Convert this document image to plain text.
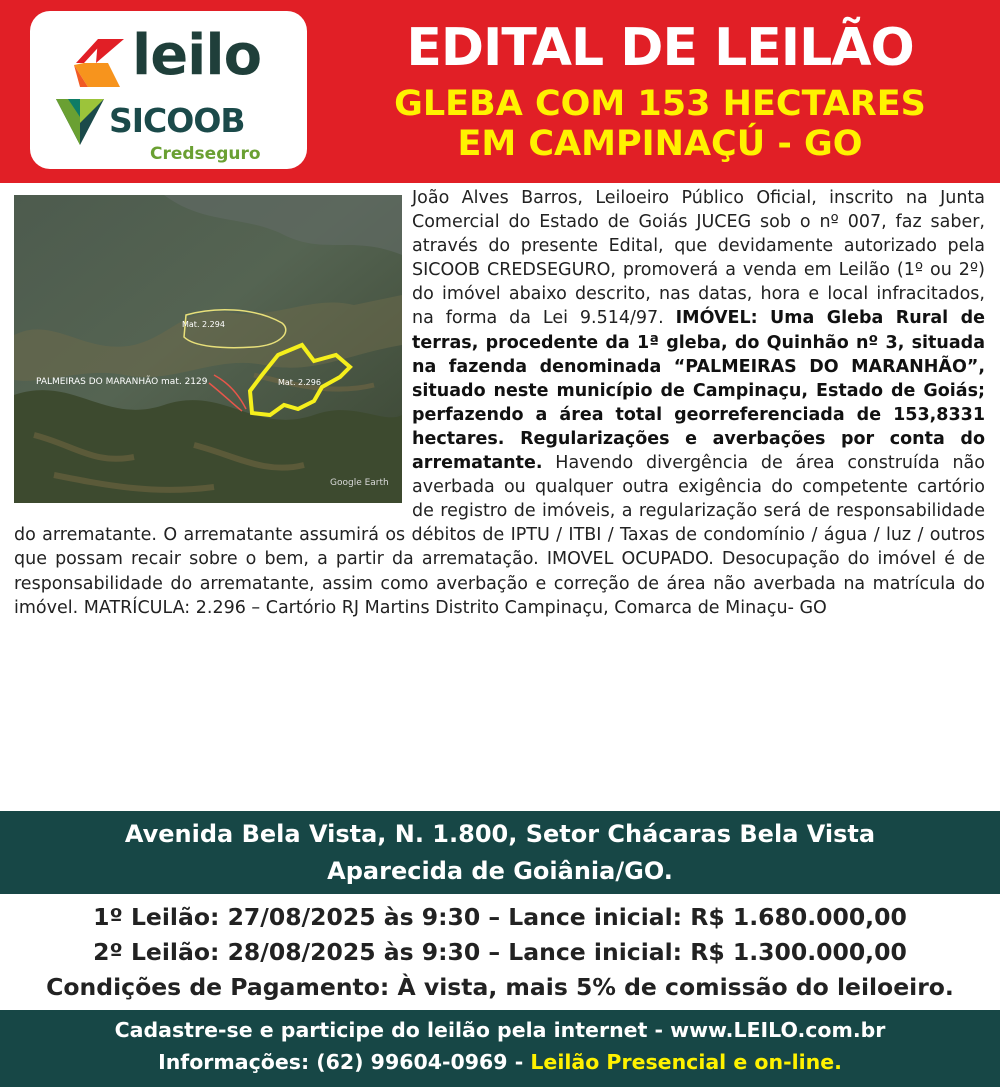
leilo
SICOOB
Credseguro
EDITAL DE LEILÃO
GLEBA COM 153 HECTARES
EM CAMPINAÇÚ - GO

João Alves Barros, Leiloeiro Público Oficial, inscrito na Junta Comercial do Estado de Goiás JUCEG sob o nº 007, faz saber, através do presente Edital, que devidamente autorizado pela SICOOB CREDSEGURO, promoverá a venda em Leilão (1º ou 2º) do imóvel abaixo descrito, nas datas, hora e local infracitados, na forma da Lei 9.514/97. IMÓVEL: Uma Gleba Rural de terras, procedente da 1ª gleba, do Quinhão nº 3, situada na fazenda denominada “PALMEIRAS DO MARANHÃO”, situado neste município de Campinaçu, Estado de Goiás; perfazendo a área total georreferenciada de 153,8331 hectares. Regularizações e averbações por conta do arrematante. Havendo divergência de área construída não averbada ou qualquer outra exigência do competente cartório de registro de imóveis, a regularização será de responsabilidade do arrematante. O arrematante assumirá os débitos de IPTU / ITBI / Taxas de condomínio / água / luz / outros que possam recair sobre o bem, a partir da arrematação. IMOVEL OCUPADO. Desocupação do imóvel é de responsabilidade do arrematante, assim como averbação e correção de área não averbada na matrícula do imóvel. MATRÍCULA: 2.296 – Cartório RJ Martins Distrito Campinaçu, Comarca de Minaçu- GO

Mat. 2.294
PALMEIRAS DO MARANHÃO mat. 2129	Mat. 2.296
Google Earth
Avenida Bela Vista, N. 1.800, Setor Chácaras Bela Vista
Aparecida de Goiânia/GO.
1º Leilão: 27/08/2025 às 9:30 – Lance inicial: R$ 1.680.000,00
2º Leilão: 28/08/2025 às 9:30 – Lance inicial: R$ 1.300.000,00
Condições de Pagamento: À vista, mais 5% de comissão do leiloeiro.
Cadastre-se e participe do leilão pela internet - www.LEILO.com.br
Informações: (62) 99604-0969 - Leilão Presencial e on-line.
